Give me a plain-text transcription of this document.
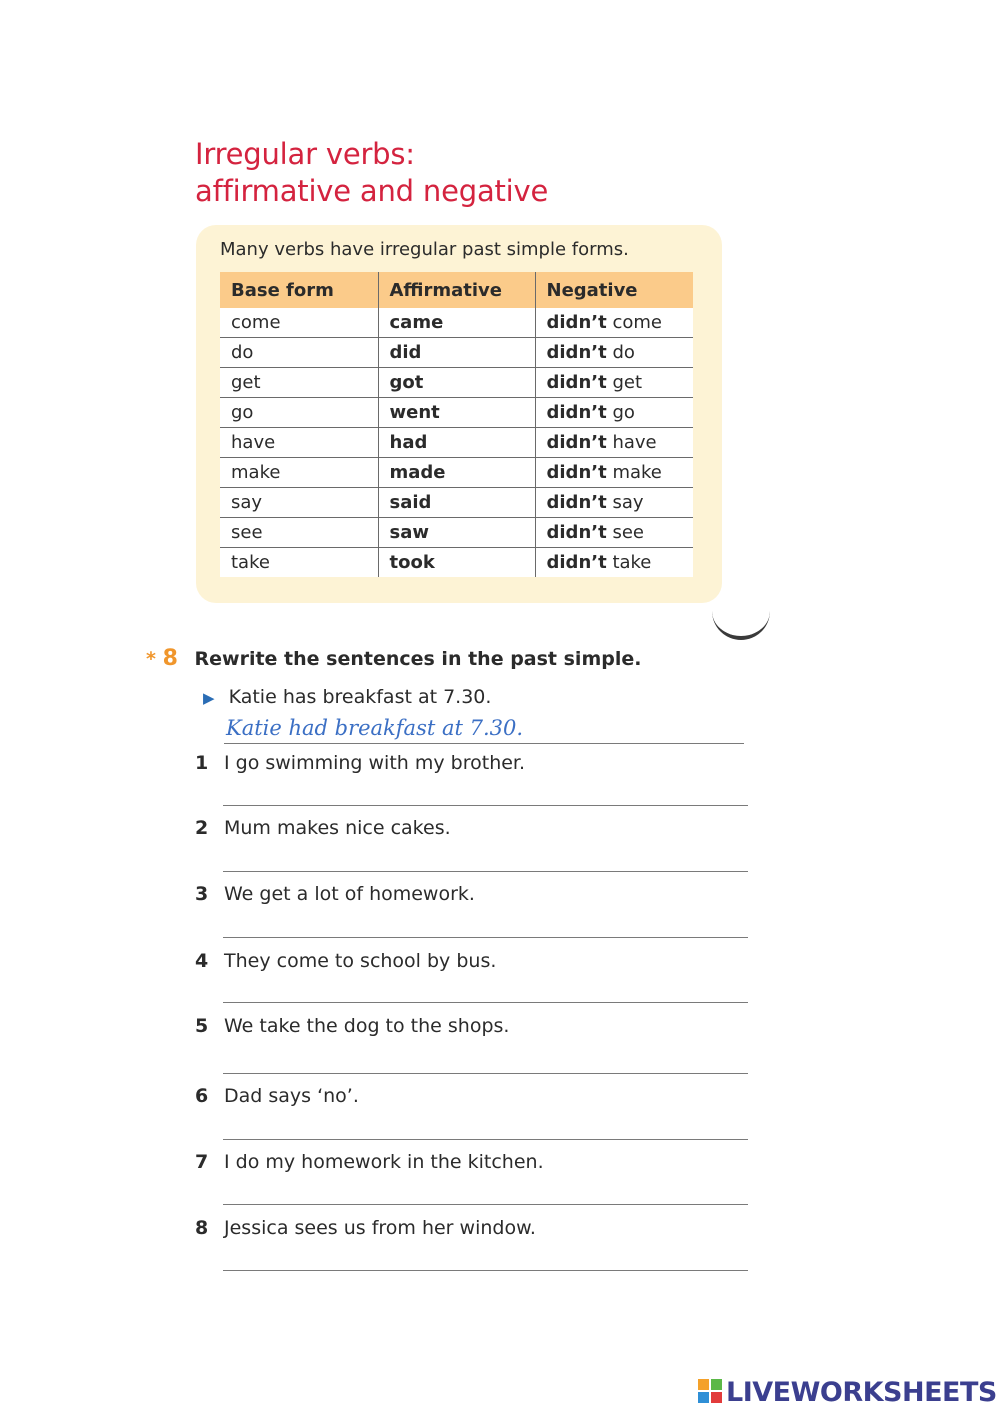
Irregular verbs:
affirmative and negative
Many verbs have irregular past simple forms.
Base form	Affirmative	Negative
come	came	didn’t come
do	did	didn’t do
get	got	didn’t get
go	went	didn’t go
have	had	didn’t have
make	made	didn’t make
say	said	didn’t say
see	saw	didn’t see
take	took	didn’t take
* 8 Rewrite the sentences in the past simple.
▶ Katie has breakfast at 7.30.
Katie had breakfast at 7.30.
1 I go swimming with my brother.
2 Mum makes nice cakes.
3 We get a lot of homework.
4 They come to school by bus.
5 We take the dog to the shops.
6 Dad says ‘no’.
7 I do my homework in the kitchen.
8 Jessica sees us from her window.
LIVEWORKSHEETS
